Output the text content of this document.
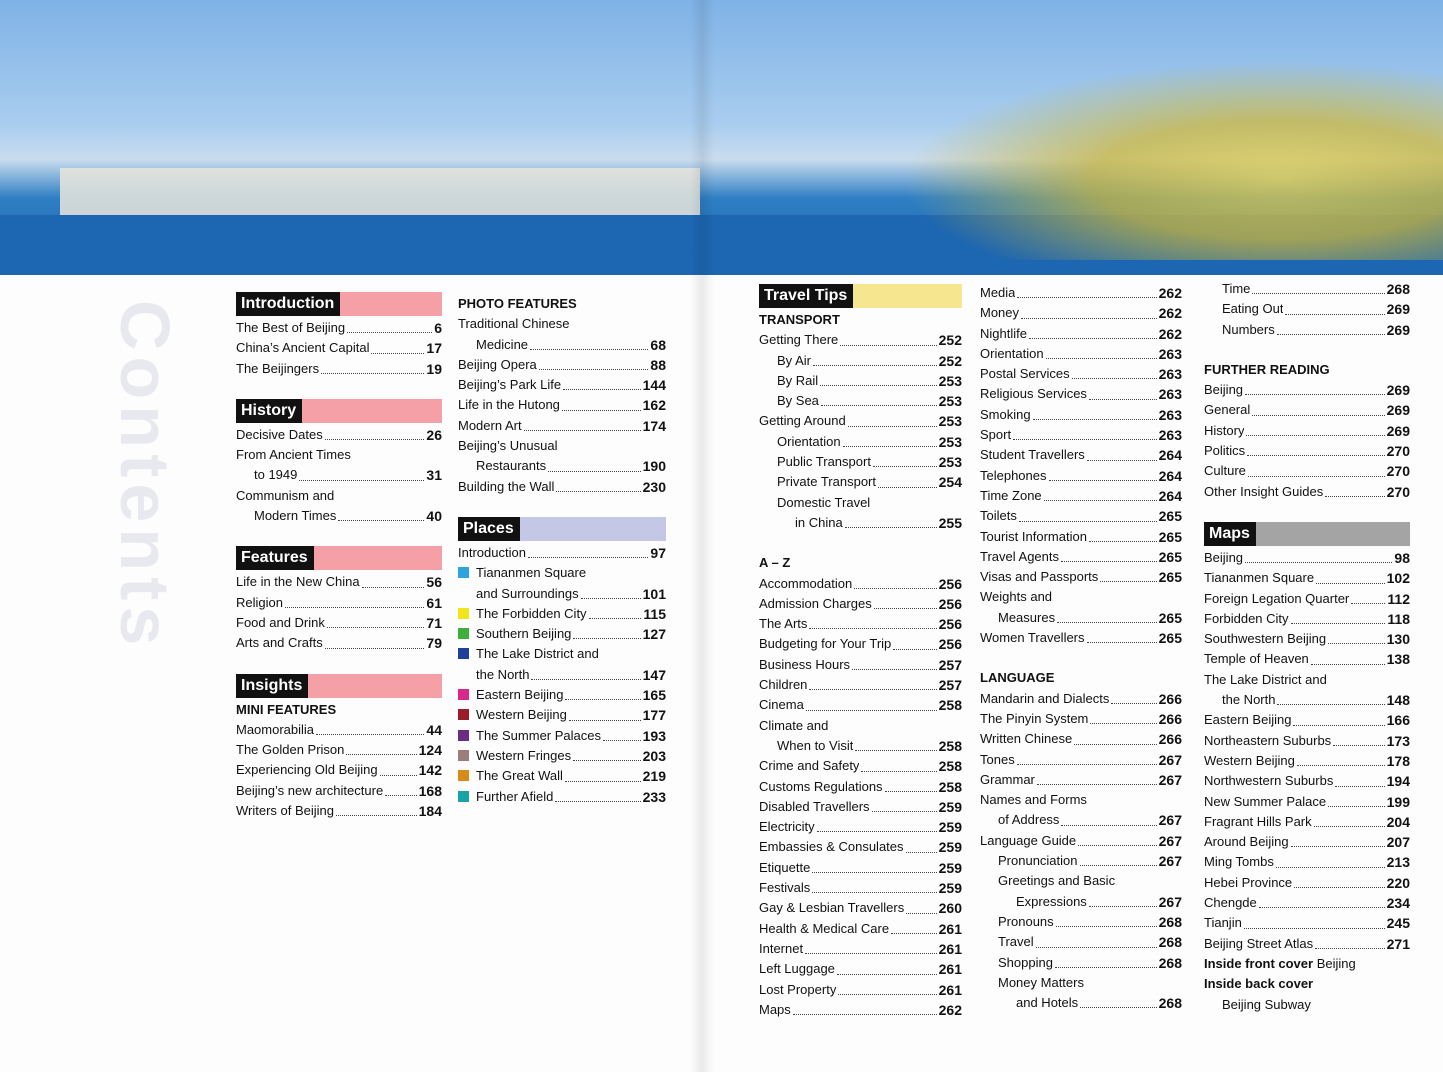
Contents	Introduction
The Best of Beijing	6
China’s Ancient Capital	17
The Beijingers	19
History
Decisive Dates	26
From Ancient Times
to 1949	31
Communism and
Modern Times	40
Features
Life in the New China	56
Religion	61
Food and Drink	71
Arts and Crafts	79
Insights
MINI FEATURES
Maomorabilia	44
The Golden Prison	124
Experiencing Old Beijing	142
Beijing’s new architecture	168
Writers of Beijing	184
PHOTO FEATURES
Traditional Chinese
Medicine	68
Beijing Opera	88
Beijing’s Park Life	144
Life in the Hutong	162
Modern Art	174
Beijing’s Unusual
Restaurants	190
Building the Wall	230
Places
Introduction	97
Tiananmen Square
and Surroundings	101
The Forbidden City	115
Southern Beijing	127
The Lake District and
the North	147
Eastern Beijing	165
Western Beijing	177
The Summer Palaces	193
Western Fringes	203
The Great Wall	219
Further Afield	233
Travel Tips
TRANSPORT
Getting There	252
By Air	252
By Rail	253
By Sea	253
Getting Around	253
Orientation	253
Public Transport	253
Private Transport	254
Domestic Travel
in China	255
A – Z
Accommodation	256
Admission Charges	256
The Arts	256
Budgeting for Your Trip	256
Business Hours	257
Children	257
Cinema	258
Climate and
When to Visit	258
Crime and Safety	258
Customs Regulations	258
Disabled Travellers	259
Electricity	259
Embassies & Consulates	259
Etiquette	259
Festivals	259
Gay & Lesbian Travellers 260
Health & Medical Care	261
Internet	261
Left Luggage	261
Lost Property	261
Maps	262
Media	262
Money	262
Nightlife	262
Orientation	263
Postal Services	263
Religious Services	263
Smoking	263
Sport	263
Student Travellers	264
Telephones	264
Time Zone	264
Toilets	265
Tourist Information	265
Travel Agents	265
Visas and Passports	265
Weights and
Measures	265
Women Travellers	265
LANGUAGE
Mandarin and Dialects	266
The Pinyin System	266
Written Chinese	266
Tones	267
Grammar	267
Names and Forms
of Address	267
Language Guide	267
Pronunciation	267
Greetings and Basic
Expressions	267
Pronouns	268
Travel	268
Shopping	268
Money Matters
and Hotels	268
Time	268
Eating Out	269
Numbers	269
FURTHER READING
Beijing	269
General	269
History	269
Politics	270
Culture	270
Other Insight Guides	270
Maps
Beijing	98
Tiananmen Square	102
Foreign Legation Quarter	112
Forbidden City	118
Southwestern Beijing	130
Temple of Heaven	138
The Lake District and
the North	148
Eastern Beijing	166
Northeastern Suburbs	173
Western Beijing	178
Northwestern Suburbs	194
New Summer Palace	199
Fragrant Hills Park	204
Around Beijing	207
Ming Tombs	213
Hebei Province	220
Chengde	234
Tianjin	245
Beijing Street Atlas	271
Inside front cover Beijing
Inside back cover
Beijing Subway
